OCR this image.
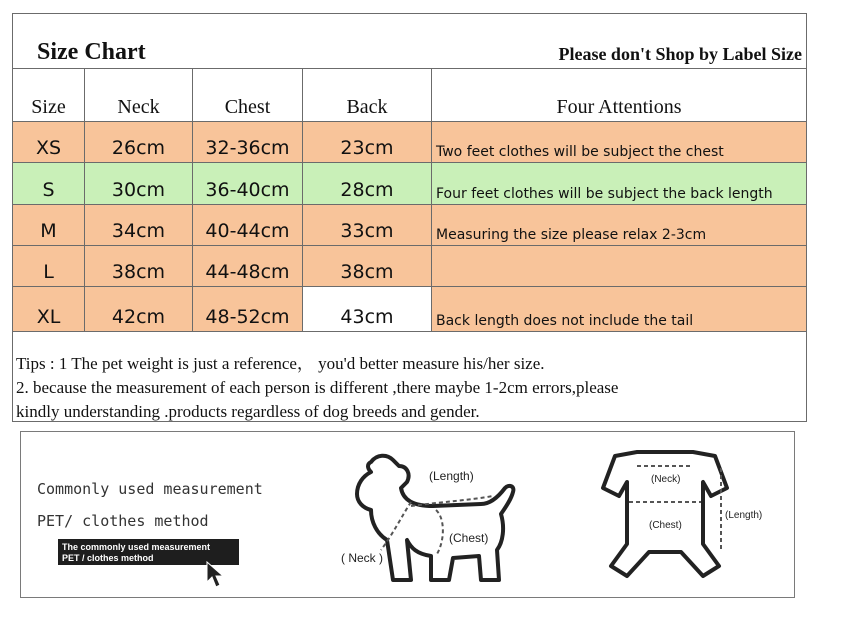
Size Chart	Please don't Shop by Label Size
Size	Neck	Chest	Back	Four Attentions
XS	26cm	32-36cm	23cm	Two feet clothes will be subject the chest
S	30cm	36-40cm	28cm	Four feet clothes will be subject the back length
M	34cm	40-44cm	33cm	Measuring the size please relax 2-3cm
L	38cm	44-48cm	38cm
XL	42cm	48-52cm	43cm	Back length does not include the tail

Tips : 1 The pet weight is just a reference， you'd better measure his/her size.

2. because the measurement of each person is different ,there maybe 1-2cm errors,please

kindly understanding .products regardless of dog breeds and gender.

Commonly used measurement
PET/ clothes method
The commonly used measurement
PET / clothes method
(Length)
(Chest)
( Neck )
(Neck)
(Chest)
(Length)
